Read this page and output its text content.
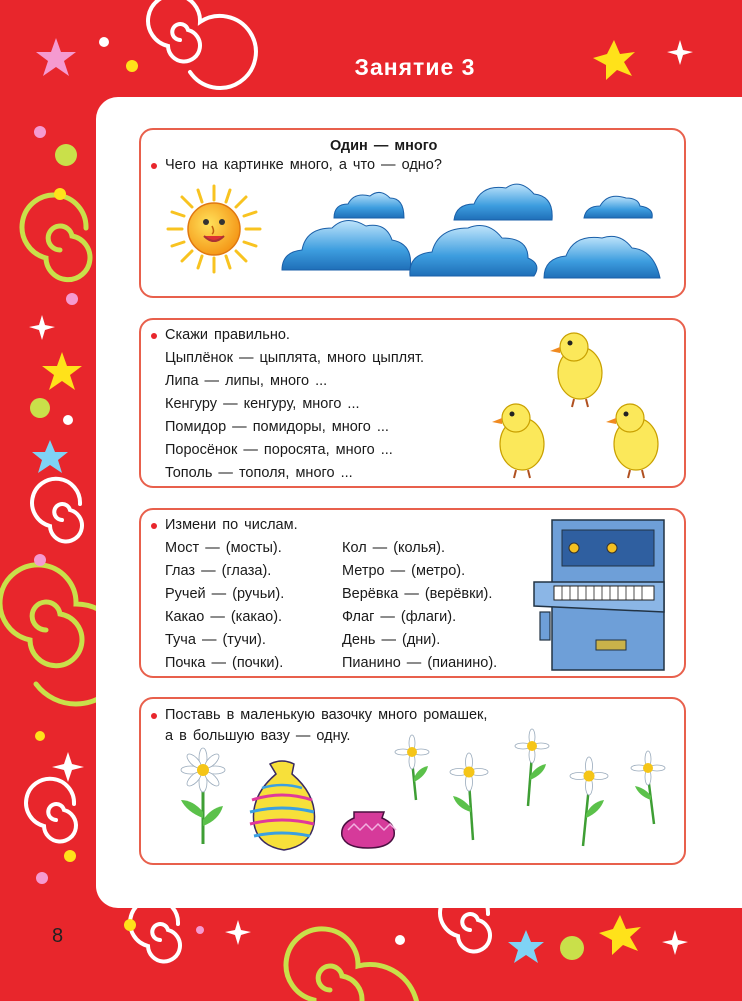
Занятие 3
Один — много
Чего на картинке много, а что — одно?
Скажи правильно.
Цыплёнок — цыплята, много цыплят.
Липа — липы, много ...
Кенгуру — кенгуру, много ...
Помидор — помидоры, много ...
Поросёнок — поросята, много ...
Тополь — тополя, много ...
Измени по числам.
Мост — (мосты).
Глаз — (глаза).
Ручей — (ручьи).
Какао — (какао).
Туча — (тучи).
Почка — (почки).
Кол — (колья).
Метро — (метро).
Верёвка — (верёвки).
Флаг — (флаги).
День — (дни).
Пианино — (пианино).
Поставь в маленькую вазочку много ромашек,
а в большую вазу — одну.
8
